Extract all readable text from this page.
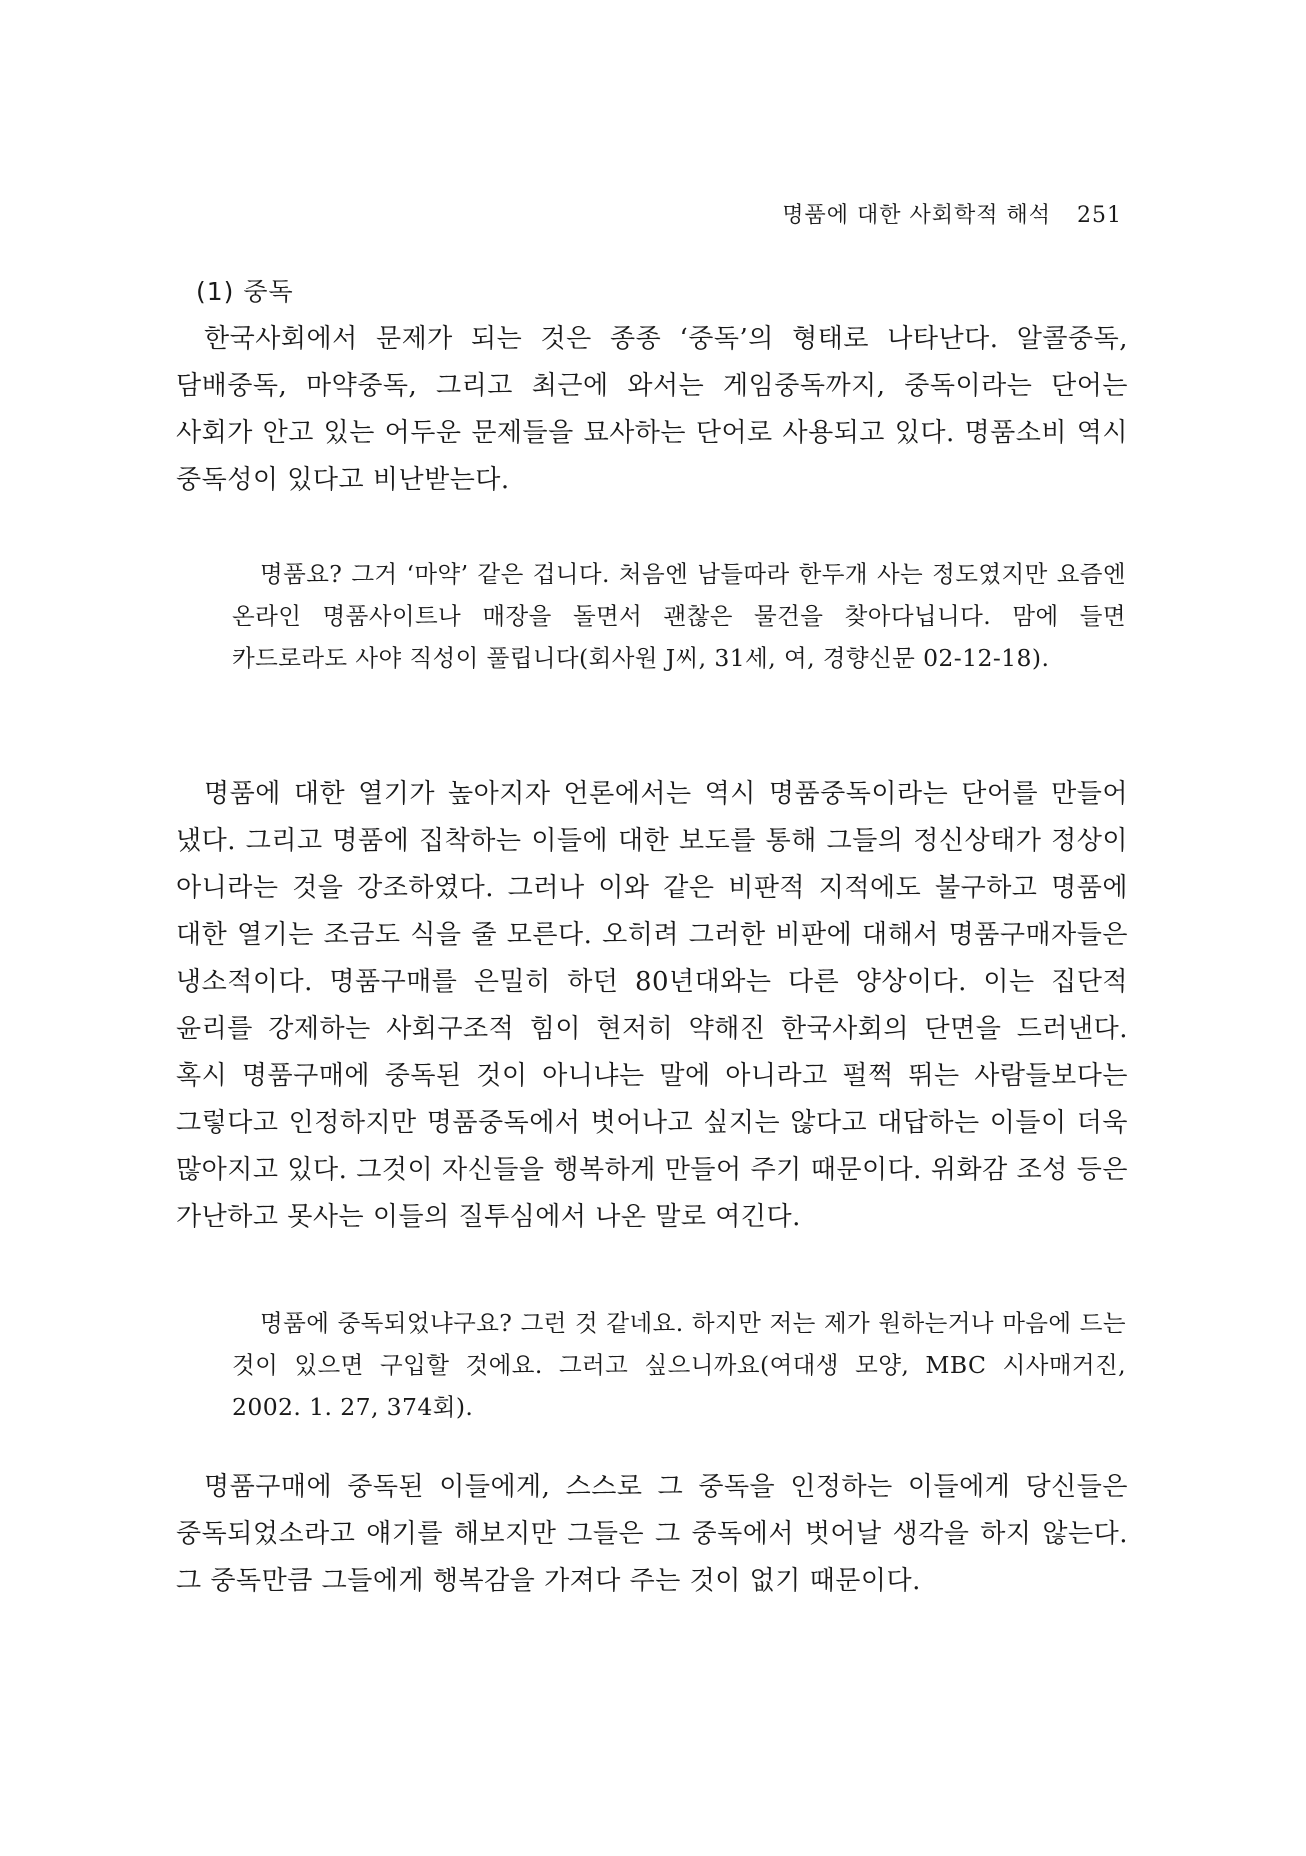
명품에 대한 사회학적 해석 251
(1) 중독

한국사회에서 문제가 되는 것은 종종 ‘중독’의 형태로 나타난다. 알콜중독, 담배중독, 마약중독, 그리고 최근에 와서는 게임중독까지, 중독이라는 단어는 사회가 안고 있는 어두운 문제들을 묘사하는 단어로 사용되고 있다. 명품소비 역시 중독성이 있다고 비난받는다.

명품요? 그거 ‘마약’ 같은 겁니다. 처음엔 남들따라 한두개 사는 정도였지만 요즘엔 온라인 명품사이트나 매장을 돌면서 괜찮은 물건을 찾아다닙니다. 맘에 들면 카드로라도 사야 직성이 풀립니다(회사원 J씨, 31세, 여, 경향신문 02-12-18).

명품에 대한 열기가 높아지자 언론에서는 역시 명품중독이라는 단어를 만들어 냈다. 그리고 명품에 집착하는 이들에 대한 보도를 통해 그들의 정신상태가 정상이 아니라는 것을 강조하였다. 그러나 이와 같은 비판적 지적에도 불구하고 명품에 대한 열기는 조금도 식을 줄 모른다. 오히려 그러한 비판에 대해서 명품구매자들은 냉소적이다. 명품구매를 은밀히 하던 80년대와는 다른 양상이다. 이는 집단적 윤리를 강제하는 사회구조적 힘이 현저히 약해진 한국사회의 단면을 드러낸다. 혹시 명품구매에 중독된 것이 아니냐는 말에 아니라고 펄쩍 뛰는 사람들보다는 그렇다고 인정하지만 명품중독에서 벗어나고 싶지는 않다고 대답하는 이들이 더욱 많아지고 있다. 그것이 자신들을 행복하게 만들어 주기 때문이다. 위화감 조성 등은 가난하고 못사는 이들의 질투심에서 나온 말로 여긴다.

명품에 중독되었냐구요? 그런 것 같네요. 하지만 저는 제가 원하는거나 마음에 드는 것이 있으면 구입할 것에요. 그러고 싶으니까요(여대생 모양, MBC 시사매거진, 2002. 1. 27, 374회).

명품구매에 중독된 이들에게, 스스로 그 중독을 인정하는 이들에게 당신들은 중독되었소라고 얘기를 해보지만 그들은 그 중독에서 벗어날 생각을 하지 않는다. 그 중독만큼 그들에게 행복감을 가져다 주는 것이 없기 때문이다.
